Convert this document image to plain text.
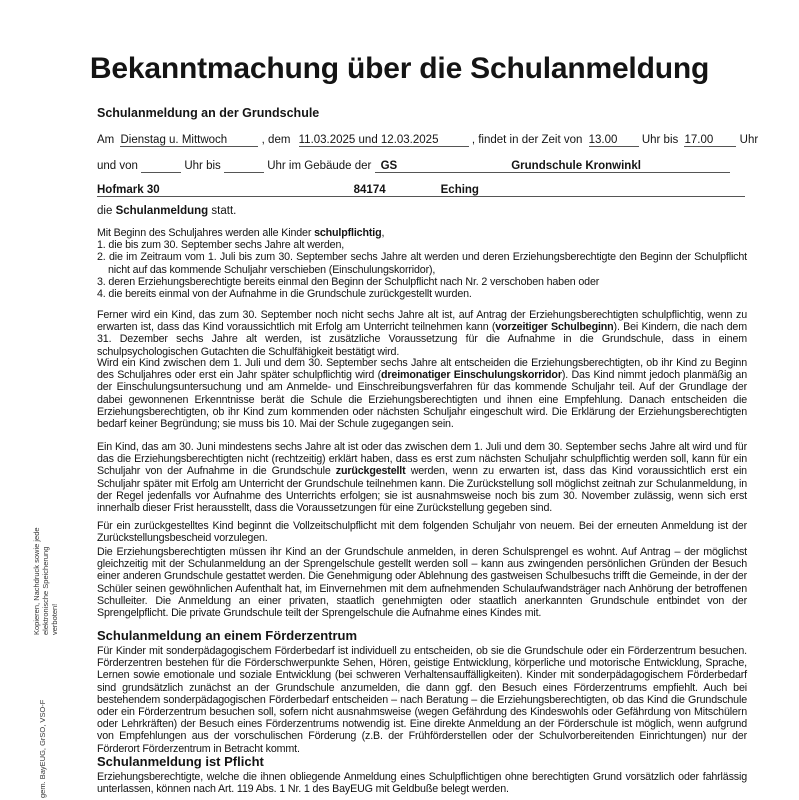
Bekanntmachung über die Schulanmeldung
Schulanmeldung an der Grundschule
Am Dienstag u. Mittwoch	, dem 11.03.2025 und 12.03.2025	, findet in der Zeit von 13.00 Uhr bis 17.00 Uhr
und von	Uhr bis	Uhr im Gebäude der GS	Grundschule Kronwinkl
Hofmark 30	84174	Eching
die Schulanmeldung statt.
Mit Beginn des Schuljahres werden alle Kinder schulpflichtig,
1. die bis zum 30. September sechs Jahre alt werden,
2. die im Zeitraum vom 1. Juli bis zum 30. September sechs Jahre alt werden und deren Erziehungsberechtigte den Beginn der Schulpflicht nicht auf das kommende Schuljahr verschieben (Einschulungskorridor),
3. deren Erziehungsberechtigte bereits einmal den Beginn der Schulpflicht nach Nr. 2 verschoben haben oder
4. die bereits einmal von der Aufnahme in die Grundschule zurückgestellt wurden.
Ferner wird ein Kind, das zum 30. September noch nicht sechs Jahre alt ist, auf Antrag der Erziehungsberechtigten schulpflichtig, wenn zu erwarten ist, dass das Kind voraussichtlich mit Erfolg am Unterricht teilnehmen kann (vorzeitiger Schulbeginn). Bei Kindern, die nach dem 31. Dezember sechs Jahre alt werden, ist zusätzliche Voraussetzung für die Aufnahme in die Grundschule, dass in einem schulpsychologischen Gutachten die Schulfähigkeit bestätigt wird.
Wird ein Kind zwischen dem 1. Juli und dem 30. September sechs Jahre alt entscheiden die Erziehungsberechtigten, ob ihr Kind zu Beginn des Schuljahres oder erst ein Jahr später schulpflichtig wird (dreimonatiger Einschulungskorridor). Das Kind nimmt jedoch planmäßig an der Einschulungsuntersuchung und am Anmelde- und Einschreibungsverfahren für das kommende Schuljahr teil. Auf der Grundlage der dabei gewonnenen Erkenntnisse berät die Schule die Erziehungsberechtigten und ihnen eine Empfehlung. Danach entscheiden die Erziehungsberechtigten, ob ihr Kind zum kommenden oder nächsten Schuljahr eingeschult wird. Die Erklärung der Erziehungsberechtigten bedarf keiner Begründung; sie muss bis 10. Mai der Schule zugegangen sein.
Ein Kind, das am 30. Juni mindestens sechs Jahre alt ist oder das zwischen dem 1. Juli und dem 30. September sechs Jahre alt wird und für das die Erziehungsberechtigten nicht (rechtzeitig) erklärt haben, dass es erst zum nächsten Schuljahr schulpflichtig werden soll, kann für ein Schuljahr von der Aufnahme in die Grundschule zurückgestellt werden, wenn zu erwarten ist, dass das Kind voraussichtlich erst ein Schuljahr später mit Erfolg am Unterricht der Grundschule teilnehmen kann. Die Zurückstellung soll möglichst zeitnah zur Schulanmeldung, in der Regel jedenfalls vor Aufnahme des Unterrichts erfolgen; sie ist ausnahmsweise noch bis zum 30. November zulässig, wenn sich erst innerhalb dieser Frist herausstellt, dass die Voraussetzungen für eine Zurückstellung gegeben sind.
Für ein zurückgestelltes Kind beginnt die Vollzeitschulpflicht mit dem folgenden Schuljahr von neuem. Bei der erneuten Anmeldung ist der Zurückstellungsbescheid vorzulegen.
Die Erziehungsberechtigten müssen ihr Kind an der Grundschule anmelden, in deren Schulsprengel es wohnt. Auf Antrag – der möglichst gleichzeitig mit der Schulanmeldung an der Sprengelschule gestellt werden soll – kann aus zwingenden persönlichen Gründen der Besuch einer anderen Grundschule gestattet werden. Die Genehmigung oder Ablehnung des gastweisen Schulbesuchs trifft die Gemeinde, in der der Schüler seinen gewöhnlichen Aufenthalt hat, im Einvernehmen mit dem aufnehmenden Schulaufwandsträger nach Anhörung der betroffenen Schulleiter. Die Anmeldung an einer privaten, staatlich genehmigten oder staatlich anerkannten Grundschule entbindet von der Sprengelpflicht. Die private Grundschule teilt der Sprengelschule die Aufnahme eines Kindes mit.
Schulanmeldung an einem Förderzentrum
Für Kinder mit sonderpädagogischem Förderbedarf ist individuell zu entscheiden, ob sie die Grundschule oder ein Förderzentrum besuchen. Förderzentren bestehen für die Förderschwerpunkte Sehen, Hören, geistige Entwicklung, körperliche und motorische Entwicklung, Sprache, Lernen sowie emotionale und soziale Entwicklung (bei schweren Verhaltensauffälligkeiten). Kinder mit sonderpädagogischem Förderbedarf sind grundsätzlich zunächst an der Grundschule anzumelden, die dann ggf. den Besuch eines Förderzentrums empfiehlt. Auch bei bestehendem sonderpädagogischen Förderbedarf entscheiden – nach Beratung – die Erziehungsberechtigten, ob das Kind die Grundschule oder ein Förderzentrum besuchen soll, sofern nicht ausnahmsweise (wegen Gefährdung des Kindeswohls oder Gefährdung von Mitschülern oder Lehrkräften) der Besuch eines Förderzentrums notwendig ist. Eine direkte Anmeldung an der Förderschule ist möglich, wenn aufgrund von Empfehlungen aus der vorschulischen Förderung (z.B. der Frühförderstellen oder der Schulvorbereitenden Einrichtungen) nur der Förderort Förderzentrum in Betracht kommt.
Schulanmeldung ist Pflicht
Erziehungsberechtigte, welche die ihnen obliegende Anmeldung eines Schulpflichtigen ohne berechtigten Grund vorsätzlich oder fahrlässig unterlassen, können nach Art. 119 Abs. 1 Nr. 1 des BayEUG mit Geldbuße belegt werden.
Kopieren, Nachdruck sowie jede elektronische Speicherung verboten!
gem. BayEUG, GrSO, VSO-F
